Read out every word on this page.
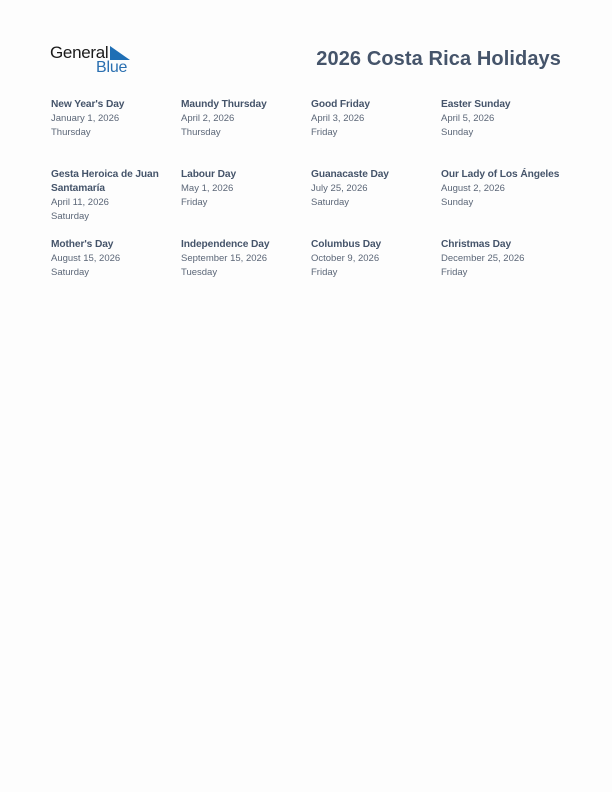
General
Blue	2026 Costa Rica Holidays
New Year's Day
January 1, 2026
Thursday
Maundy Thursday
April 2, 2026
Thursday
Good Friday
April 3, 2026
Friday
Easter Sunday
April 5, 2026
Sunday
Gesta Heroica de Juan Santamaría
April 11, 2026
Saturday
Labour Day
May 1, 2026
Friday
Guanacaste Day
July 25, 2026
Saturday
Our Lady of Los Ángeles
August 2, 2026
Sunday
Mother's Day
August 15, 2026
Saturday
Independence Day
September 15, 2026
Tuesday
Columbus Day
October 9, 2026
Friday
Christmas Day
December 25, 2026
Friday
